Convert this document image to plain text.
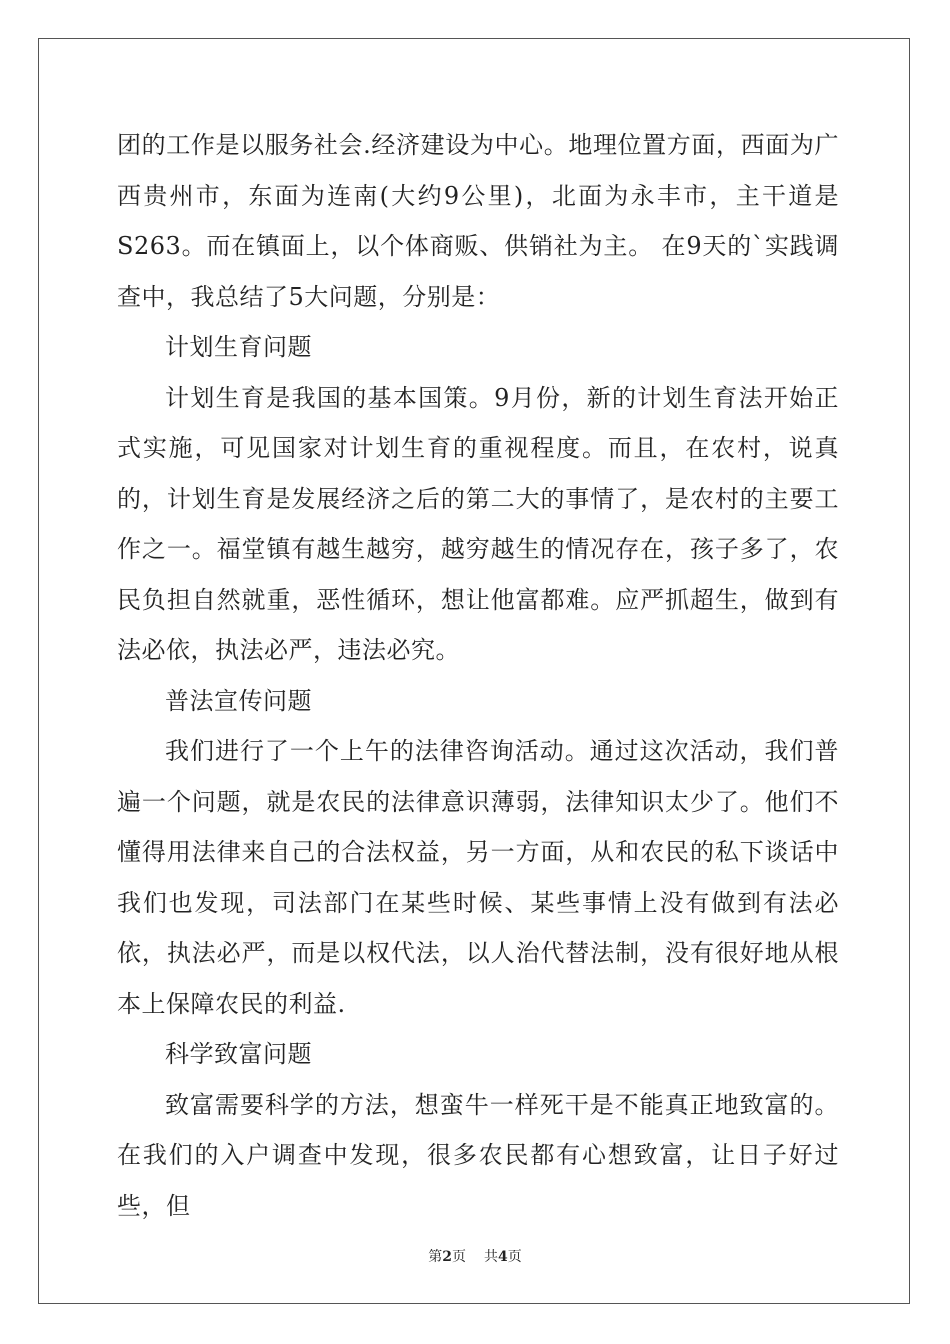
团的工作是以服务社会.经济建设为中心。地理位置方面，西面为广西贵州市，东面为连南(大约9公里)，北面为永丰市，主干道是S263。而在镇面上，以个体商贩、供销社为主。 在9天的`实践调查中，我总结了5大问题，分别是：

计划生育问题

计划生育是我国的基本国策。9月份，新的计划生育法开始正式实施，可见国家对计划生育的重视程度。而且，在农村，说真的，计划生育是发展经济之后的第二大的事情了，是农村的主要工作之一。福堂镇有越生越穷，越穷越生的情况存在，孩子多了，农民负担自然就重，恶性循环，想让他富都难。应严抓超生，做到有法必依，执法必严，违法必究。

普法宣传问题

我们进行了一个上午的法律咨询活动。通过这次活动，我们普遍一个问题，就是农民的法律意识薄弱，法律知识太少了。他们不懂得用法律来自己的合法权益，另一方面，从和农民的私下谈话中我们也发现，司法部门在某些时候、某些事情上没有做到有法必依，执法必严，而是以权代法，以人治代替法制，没有很好地从根本上保障农民的利益.

科学致富问题

致富需要科学的方法，想蛮牛一样死干是不能真正地致富的。在我们的入户调查中发现，很多农民都有心想致富，让日子好过些，但

第2页 共4页
